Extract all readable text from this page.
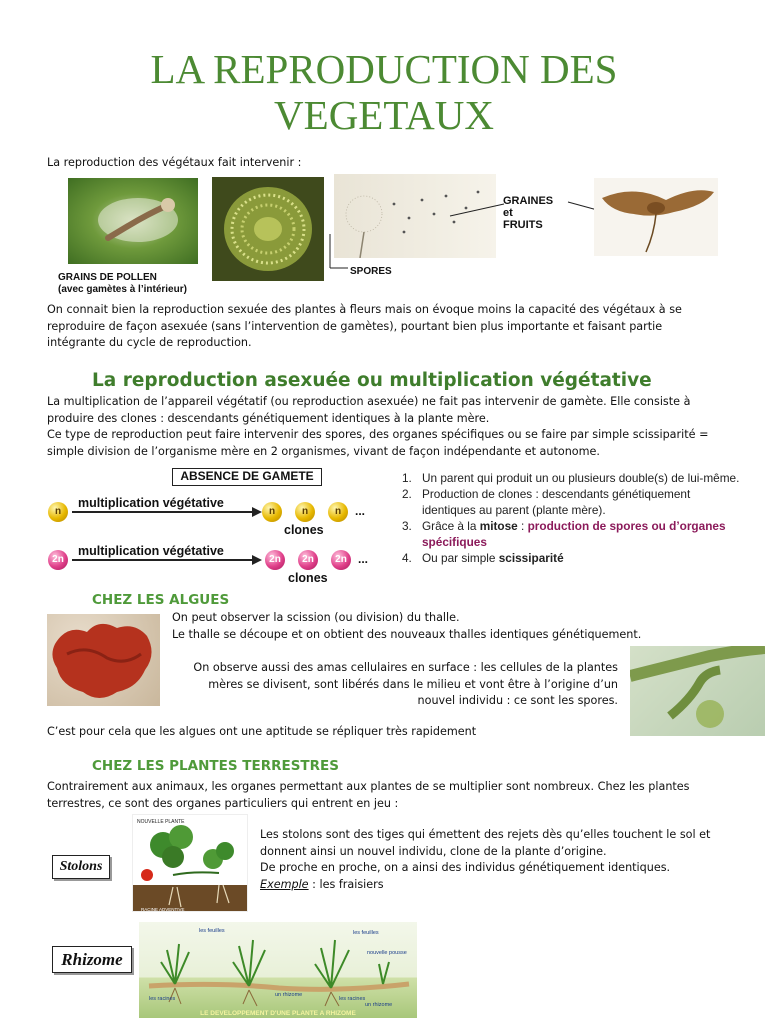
LA REPRODUCTION DES
VEGETAUX
La reproduction des végétaux fait intervenir :
GRAINS DE POLLEN
(avec gamètes à l’intérieur)
SPORES
GRAINES
et
FRUITS
On connait bien la reproduction sexuée des plantes à fleurs mais on évoque moins la capacité des végétaux à se
reproduire de façon asexuée (sans l’intervention de gamètes), pourtant bien plus importante et faisant partie
intégrante du cycle de reproduction.
La reproduction asexuée ou multiplication végétative
La multiplication de l’appareil végétatif (ou reproduction asexuée) ne fait pas intervenir de gamète. Elle consiste à
produire des clones : descendants génétiquement identiques à la plante mère.
Ce type de reproduction peut faire intervenir des spores, des organes spécifiques ou se faire par simple scissiparité =
simple division de l’organisme mère en 2 organismes, vivant de façon indépendante et autonome.
ABSENCE DE GAMETE
multiplication végétative
n	n	n	n	...
clones
multiplication végétative
2n	2n	2n	2n ...
clones
1. Un parent qui produit un ou plusieurs double(s) de lui-même.
2. Production de clones : descendants génétiquement
identiques au parent (plante mère).
3. Grâce à la mitose : production de spores ou d’organes
spécifiques
4. Ou par simple scissiparité
CHEZ LES ALGUES
On peut observer la scission (ou division) du thalle.
Le thalle se découpe et on obtient des nouveaux thalles identiques génétiquement.
On observe aussi des amas cellulaires en surface : les cellules de la plantes
mères se divisent, sont libérés dans le milieu et vont être à l’origine d’un
nouvel individu : ce sont les spores.
C’est pour cela que les algues ont une aptitude se répliquer très rapidement
CHEZ LES PLANTES TERRESTRES
Contrairement aux animaux, les organes permettant aux plantes de se multiplier sont nombreux. Chez les plantes
terrestres, ce sont des organes particuliers qui entrent en jeu :
Stolons
NOUVELLE PLANTE
STOLON
RACINE ADVENTIVE
Les stolons sont des tiges qui émettent des rejets dès qu’elles touchent le sol et
donnent ainsi un nouvel individu, clone de la plante d’origine.
De proche en proche, on a ainsi des individus génétiquement identiques.
Exemple : les fraisiers
Rhizome
les feuilles	les feuilles
nouvelle pousse
les racines	les racines
un rhizome
un rhizome
LE DEVELOPPEMENT D'UNE PLANTE A RHIZOME
